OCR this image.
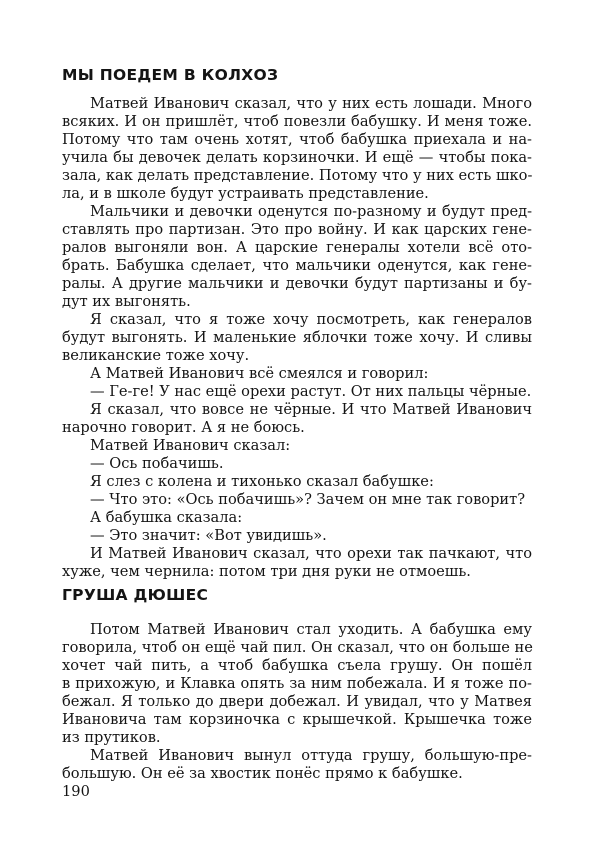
МЫ ПОЕДЕМ В КОЛХОЗ

Матвей Иванович сказал, что у них есть лошади. Много

всяких. И он пришлёт, чтоб повезли бабушку. И меня тоже.

Потому что там очень хотят, чтоб бабушка приехала и на-

учила бы девочек делать корзиночки. И ещё — чтобы пока-

зала, как делать представление. Потому что у них есть шко-

ла, и в школе будут устраивать представление.

Мальчики и девочки оденутся по-разному и будут пред-

ставлять про партизан. Это про войну. И как царских гене-

ралов выгоняли вон. А царские генералы хотели всё ото-

брать. Бабушка сделает, что мальчики оденутся, как гене-

ралы. А другие мальчики и девочки будут партизаны и бу-

дут их выгонять.

Я сказал, что я тоже хочу посмотреть, как генералов

будут выгонять. И маленькие яблочки тоже хочу. И сливы

великанские тоже хочу.

А Матвей Иванович всё смеялся и говорил:

— Ге-ге! У нас ещё орехи растут. От них пальцы чёрные.

Я сказал, что вовсе не чёрные. И что Матвей Иванович

нарочно говорит. А я не боюсь.

Матвей Иванович сказал:

— Ось побачишь.

Я слез с колена и тихонько сказал бабушке:

— Что это: «Ось побачишь»? Зачем он мне так говорит?

А бабушка сказала:

— Это значит: «Вот увидишь».

И Матвей Иванович сказал, что орехи так пачкают, что

хуже, чем чернила: потом три дня руки не отмоешь.

ГРУША ДЮШЕС

Потом Матвей Иванович стал уходить. А бабушка ему

говорила, чтоб он ещё чай пил. Он сказал, что он больше не

хочет чай пить, а чтоб бабушка съела грушу. Он пошёл

в прихожую, и Клавка опять за ним побежала. И я тоже по-

бежал. Я только до двери добежал. И увидал, что у Матвея

Ивановича там корзиночка с крышечкой. Крышечка тоже

из прутиков.

Матвей Иванович вынул оттуда грушу, большую-пре-

большую. Он её за хвостик понёс прямо к бабушке.

190
